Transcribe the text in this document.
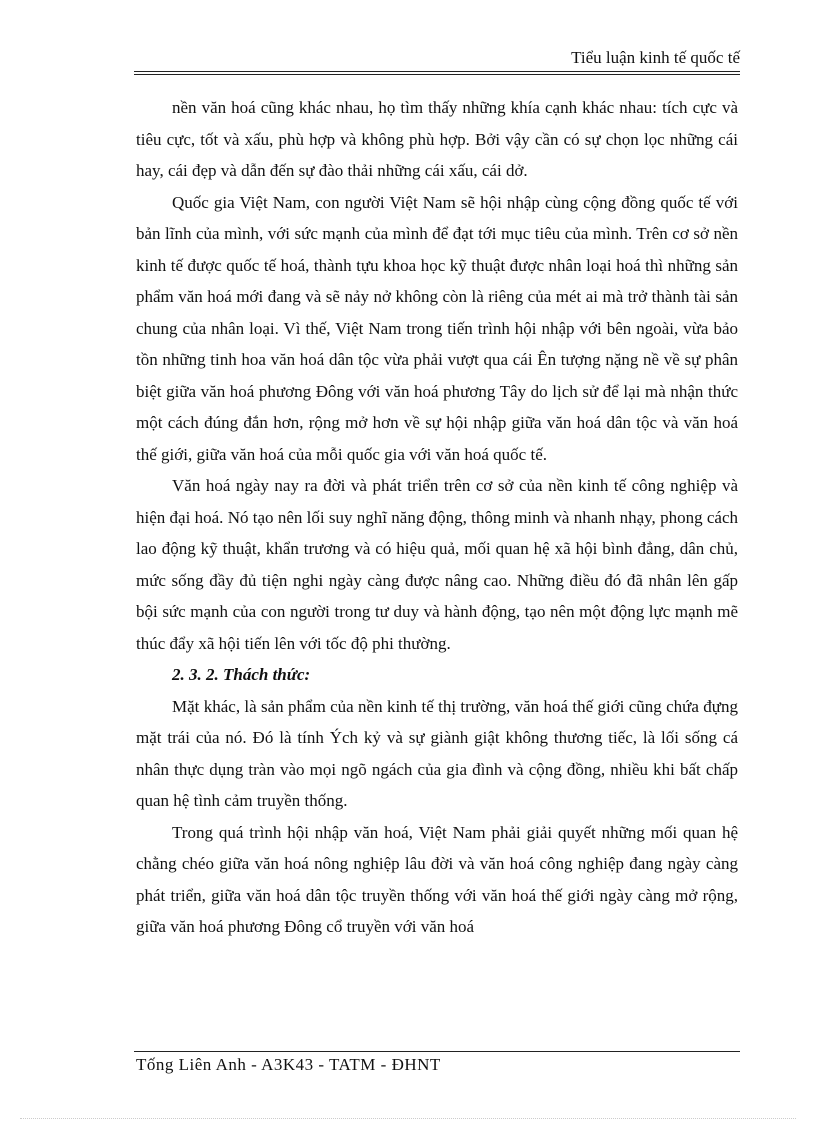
Tiểu luận kinh tế quốc tế

nền văn hoá cũng khác nhau, họ tìm thấy những khía cạnh khác nhau: tích cực và tiêu cực, tốt và xấu, phù hợp và không phù hợp. Bởi vậy cần có sự chọn lọc những cái hay, cái đẹp và dẫn đến sự đào thải những cái xấu, cái dở.

Quốc gia Việt Nam, con người Việt Nam sẽ hội nhập cùng cộng đồng quốc tế với bản lĩnh của mình, với sức mạnh của mình để đạt tới mục tiêu của mình. Trên cơ sở nền kinh tế được quốc tế hoá, thành tựu khoa học kỹ thuật được nhân loại hoá thì những sản phẩm văn hoá mới đang và sẽ nảy nở không còn là riêng của mét ai mà trở thành tài sản chung của nhân loại. Vì thế, Việt Nam trong tiến trình hội nhập với bên ngoài, vừa bảo tồn những tinh hoa văn hoá dân tộc vừa phải vượt qua cái Ên tượng nặng nề về sự phân biệt giữa văn hoá phương Đông với văn hoá phương Tây do lịch sử để lại mà nhận thức một cách đúng đắn hơn, rộng mở hơn về sự hội nhập giữa văn hoá dân tộc và văn hoá thế giới, giữa văn hoá của mỗi quốc gia với văn hoá quốc tế.

Văn hoá ngày nay ra đời và phát triển trên cơ sở của nền kinh tế công nghiệp và hiện đại hoá. Nó tạo nên lối suy nghĩ năng động, thông minh và nhanh nhạy, phong cách lao động kỹ thuật, khẩn trương và có hiệu quả, mối quan hệ xã hội bình đẳng, dân chủ, mức sống đầy đủ tiện nghi ngày càng được nâng cao. Những điều đó đã nhân lên gấp bội sức mạnh của con người trong tư duy và hành động, tạo nên một động lực mạnh mẽ thúc đẩy xã hội tiến lên với tốc độ phi thường.

2. 3. 2. Thách thức:

Mặt khác, là sản phẩm của nền kinh tế thị trường, văn hoá thế giới cũng chứa đựng mặt trái của nó. Đó là tính Ých kỷ và sự giành giật không thương tiếc, là lối sống cá nhân thực dụng tràn vào mọi ngõ ngách của gia đình và cộng đồng, nhiều khi bất chấp quan hệ tình cảm truyền thống.

Trong quá trình hội nhập văn hoá, Việt Nam phải giải quyết những mối quan hệ chằng chéo giữa văn hoá nông nghiệp lâu đời và văn hoá công nghiệp đang ngày càng phát triển, giữa văn hoá dân tộc truyền thống với văn hoá thế giới ngày càng mở rộng, giữa văn hoá phương Đông cổ truyền với văn hoá

Tống Liên Anh - A3K43 - TATM - ĐHNT
